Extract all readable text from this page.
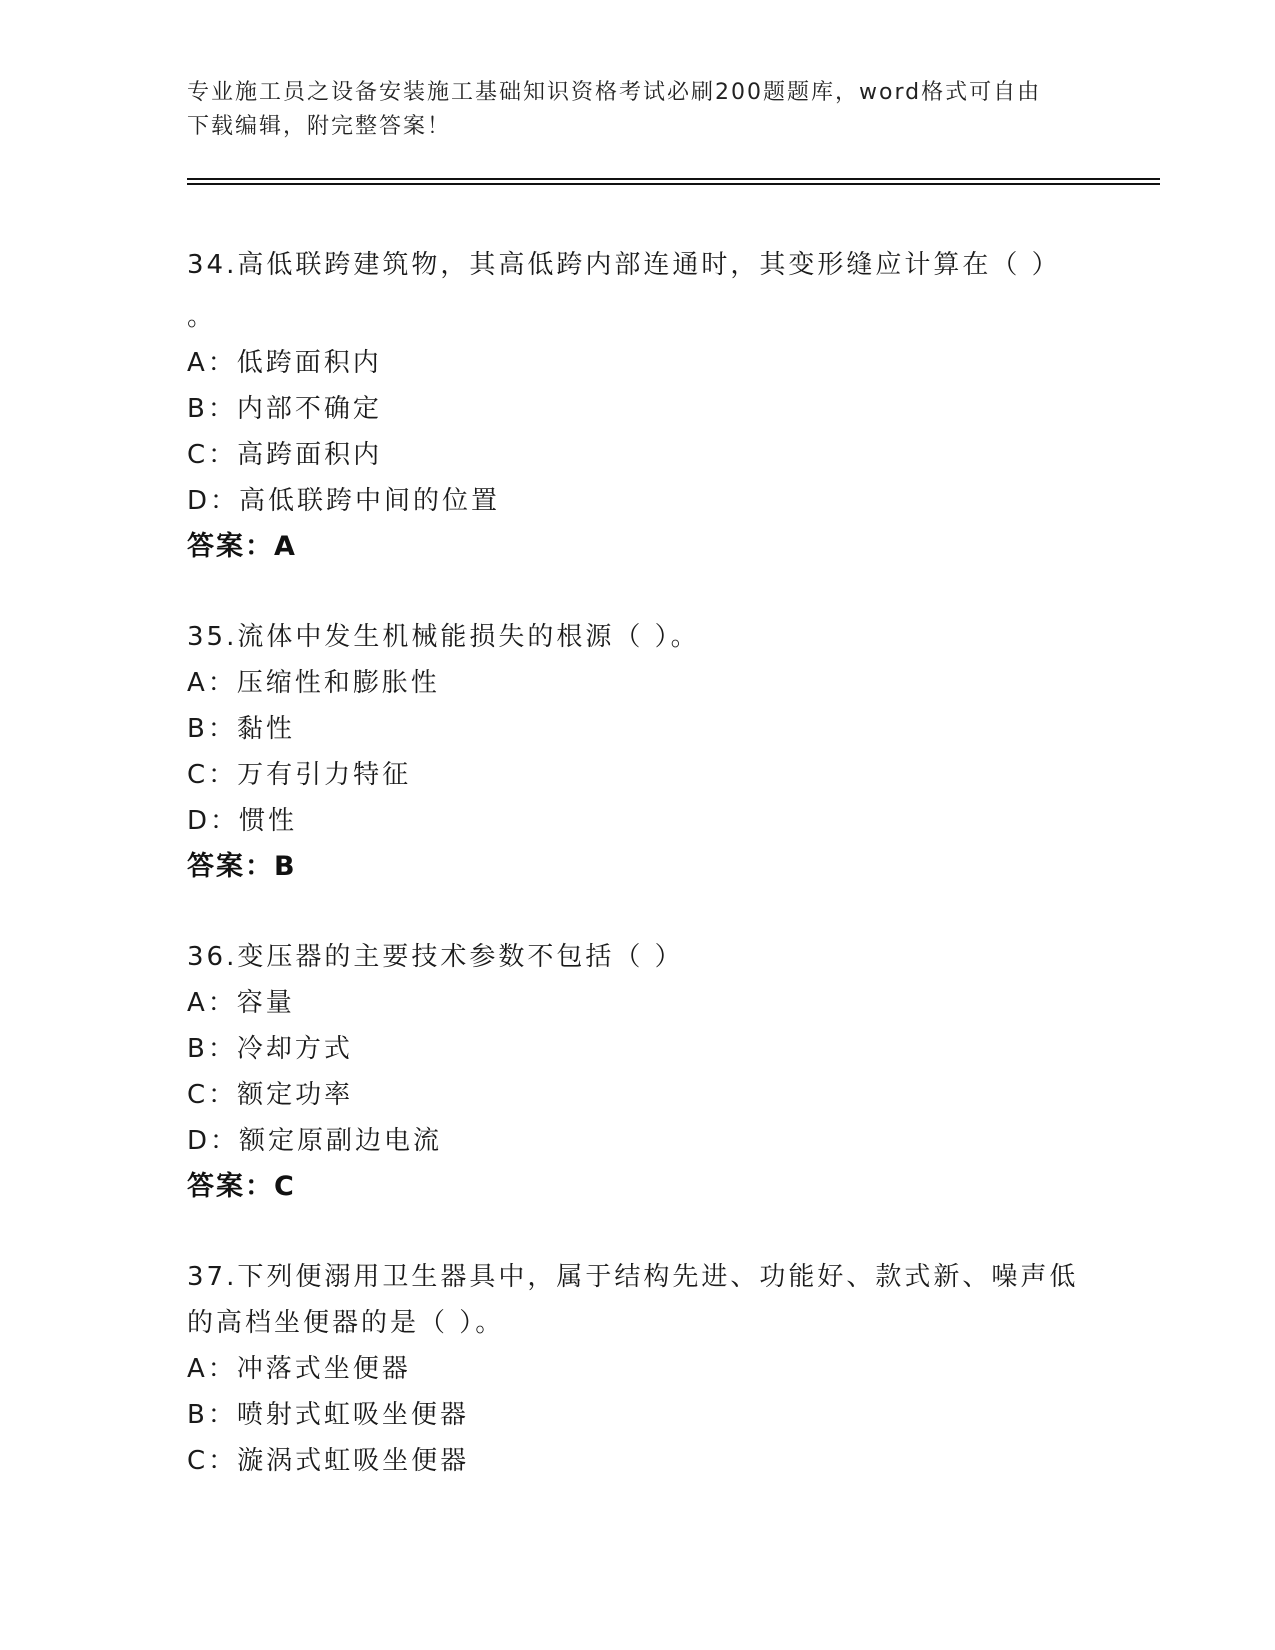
专业施工员之设备安装施工基础知识资格考试必刷200题题库，word格式可自由
下载编辑，附完整答案！

34.高低联跨建筑物，其高低跨内部连通时，其变形缝应计算在（ ）

。

A：低跨面积内

B：内部不确定

C：高跨面积内

D：高低联跨中间的位置

答案：A

35.流体中发生机械能损失的根源（ ）。

A：压缩性和膨胀性

B：黏性

C：万有引力特征

D：惯性

答案：B

36.变压器的主要技术参数不包括（ ）

A：容量

B：冷却方式

C：额定功率

D：额定原副边电流

答案：C

37.下列便溺用卫生器具中，属于结构先进、功能好、款式新、噪声低

的高档坐便器的是（ ）。

A：冲落式坐便器

B：喷射式虹吸坐便器

C：漩涡式虹吸坐便器
